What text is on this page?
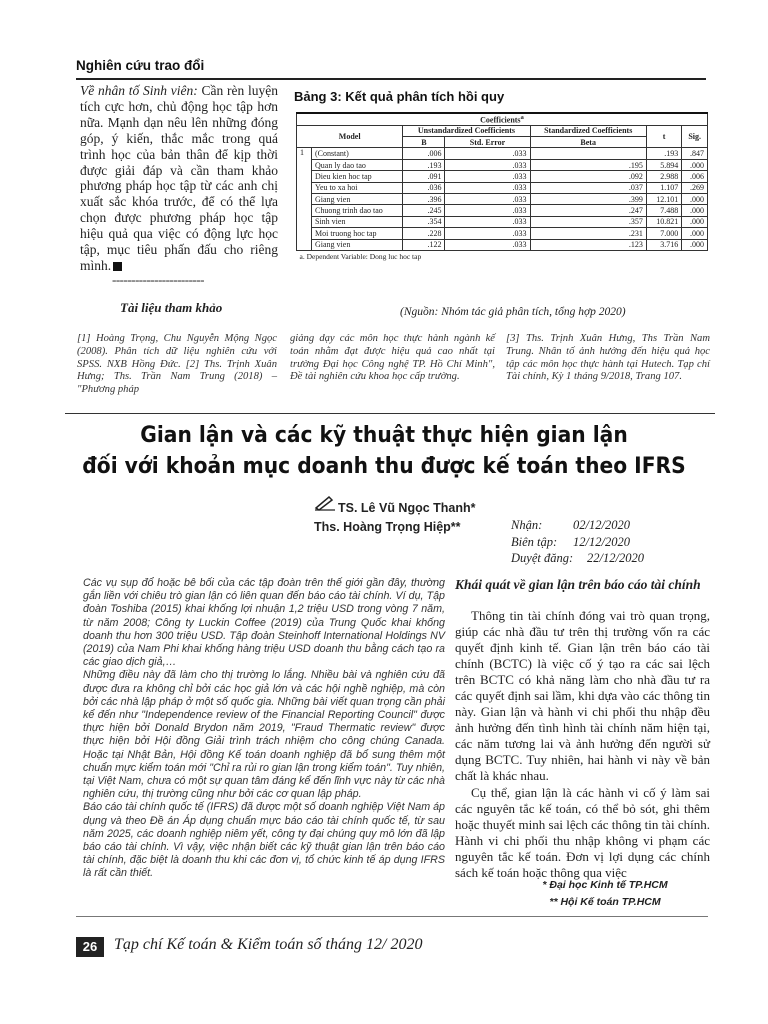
Nghiên cứu trao đổi
Về nhân tố Sinh viên: Cần rèn luyện tích cực hơn, chủ động học tập hơn nữa. Mạnh dạn nêu lên những đóng góp, ý kiến, thắc mắc trong quá trình học của bản thân để kịp thời được giải đáp và cần tham khảo phương pháp học tập từ các anh chị xuất sắc khóa trước, để có thể lựa chọn được phương pháp học tập hiệu quả qua việc có động lực học tập, mục tiêu phấn đấu cho riêng mình.
------------------------
Tài liệu tham khảo
Bảng 3: Kết quả phân tích hồi quy
Coefficients$^a$
Model		Unstandardized Coefficients		Standardized Coefficients	t	Sig.
		B	Std. Error	Beta		
1	(Constant)	.006	.033		.193	.847
	Quan ly dao tao	.193	.033	.195	5.894	.000
	Dieu kien hoc tap	.091	.033	.092	2.988	.006
	Yeu to xa hoi	.036	.033	.037	1.107	.269
	Giang vien	.396	.033	.399	12.101	.000
	Chuong trinh dao tao	.245	.033	.247	7.488	.000
	Sinh vien	.354	.033	.357	10.821	.000
	Moi truong hoc tap	.228	.033	.231	7.000	.000
	Giang vien	.122	.033	.123	3.716	.000
a. Dependent Variable: Dong luc hoc tap						
(Nguồn: Nhóm tác giả phân tích, tổng hợp 2020)
[1] Hoàng Trọng, Chu Nguyễn Mộng Ngọc (2008). Phân tích dữ liệu nghiên cứu với SPSS. NXB Hồng Đức. [2] Ths. Trịnh Xuân Hưng; Ths. Trần Nam Trung (2018) – "Phương pháp
giảng dạy các môn học thực hành ngành kế toán nhằm đạt được hiệu quả cao nhất tại trường Đại học Công nghệ TP. Hồ Chí Minh", Đề tài nghiên cứu khoa học cấp trường.
[3] Ths. Trịnh Xuân Hưng, Ths Trần Nam Trung. Nhân tố ảnh hưởng đến hiệu quả học tập các môn học thực hành tại Hutech. Tạp chí Tài chính, Kỳ 1 tháng 9/2018, Trang 107.
Gian lận và các kỹ thuật thực hiện gian lận
đối với khoản mục doanh thu được kế toán theo IFRS
TS. Lê Vũ Ngọc Thanh*
Ths. Hoàng Trọng Hiệp**	Nhận: 02/12/2020
Biên tập: 12/12/2020
Duyệt đăng: 22/12/2020

Các vụ sụp đổ hoặc bê bối của các tập đoàn trên thế giới gần đây, thường gắn liền với chiêu trò gian lận có liên quan đến báo cáo tài chính. Ví dụ, Tập đoàn Toshiba (2015) khai khống lợi nhuận 1,2 triệu USD trong vòng 7 năm, từ năm 2008; Công ty Luckin Coffee (2019) của Trung Quốc khai khống doanh thu hơn 300 triệu USD. Tập đoàn Steinhoff International Holdings NV (2019) của Nam Phi khai khống hàng triệu USD doanh thu bằng cách tạo ra các giao dịch giả,…

Những điều này đã làm cho thị trường lo lắng. Nhiều bài và nghiên cứu đã được đưa ra không chỉ bởi các học giả lớn và các hội nghề nghiệp, mà còn bởi các nhà lập pháp ở một số quốc gia. Những bài viết quan trọng cần phải kể đến như "Independence review of the Financial Reporting Council" được thực hiện bởi Donald Brydon năm 2019, "Fraud Thermatic review" được thực hiện bởi Hội đồng Giải trình trách nhiệm cho công chúng Canada. Hoặc tại Nhật Bản, Hội đồng Kế toán doanh nghiệp đã bổ sung thêm một chuẩn mực kiểm toán mới "Chỉ ra rủi ro gian lận trong kiểm toán". Tuy nhiên, tại Việt Nam, chưa có một sự quan tâm đáng kể đến lĩnh vực này từ các nhà nghiên cứu, thị trường cũng như bởi các cơ quan lập pháp.

Báo cáo tài chính quốc tế (IFRS) đã được một số doanh nghiệp Việt Nam áp dụng và theo Đề án Áp dụng chuẩn mực báo cáo tài chính quốc tế, từ sau năm 2025, các doanh nghiệp niêm yết, công ty đại chúng quy mô lớn đã lập báo cáo tài chính. Vì vậy, việc nhận biết các kỹ thuật gian lận trên báo cáo tài chính, đặc biệt là doanh thu khi các đơn vị, tổ chức kinh tế áp dụng IFRS là rất cần thiết.

Khái quát về gian lận trên báo cáo tài chính

Thông tin tài chính đóng vai trò quan trọng, giúp các nhà đầu tư trên thị trường vốn ra các quyết định kinh tế. Gian lận trên báo cáo tài chính (BCTC) là việc cố ý tạo ra các sai lệch trên BCTC có khả năng làm cho nhà đầu tư ra các quyết định sai lầm, khi dựa vào các thông tin này. Gian lận và hành vi chi phối thu nhập đều ảnh hưởng đến tình hình tài chính năm hiện tại, các năm tương lai và ảnh hưởng đến người sử dụng BCTC. Tuy nhiên, hai hành vi này về bản chất là khác nhau.

Cụ thể, gian lận là các hành vi cố ý làm sai các nguyên tắc kế toán, có thể bỏ sót, ghi thêm hoặc thuyết minh sai lệch các thông tin tài chính. Hành vi chi phối thu nhập không vi phạm các nguyên tắc kế toán. Đơn vị lợi dụng các chính sách kế toán hoặc thông qua việc

* Đại học Kinh tế TP.HCM
** Hội Kế toán TP.HCM
26	Tạp chí Kế toán & Kiểm toán số tháng 12/ 2020
